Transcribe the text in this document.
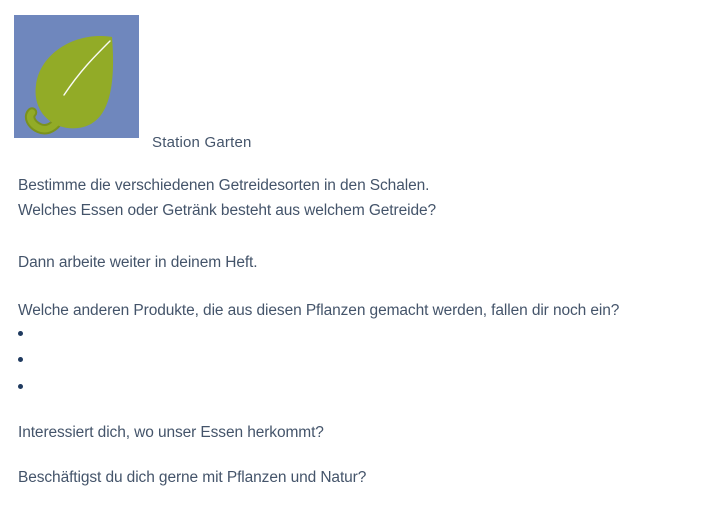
Station Garten
Bestimme die verschiedenen Getreidesorten in den Schalen.
Welches Essen oder Getränk besteht aus welchem Getreide?
Dann arbeite weiter in deinem Heft.
Welche anderen Produkte, die aus diesen Pflanzen gemacht werden, fallen dir noch ein?
Interessiert dich, wo unser Essen herkommt?
Beschäftigst du dich gerne mit Pflanzen und Natur?
